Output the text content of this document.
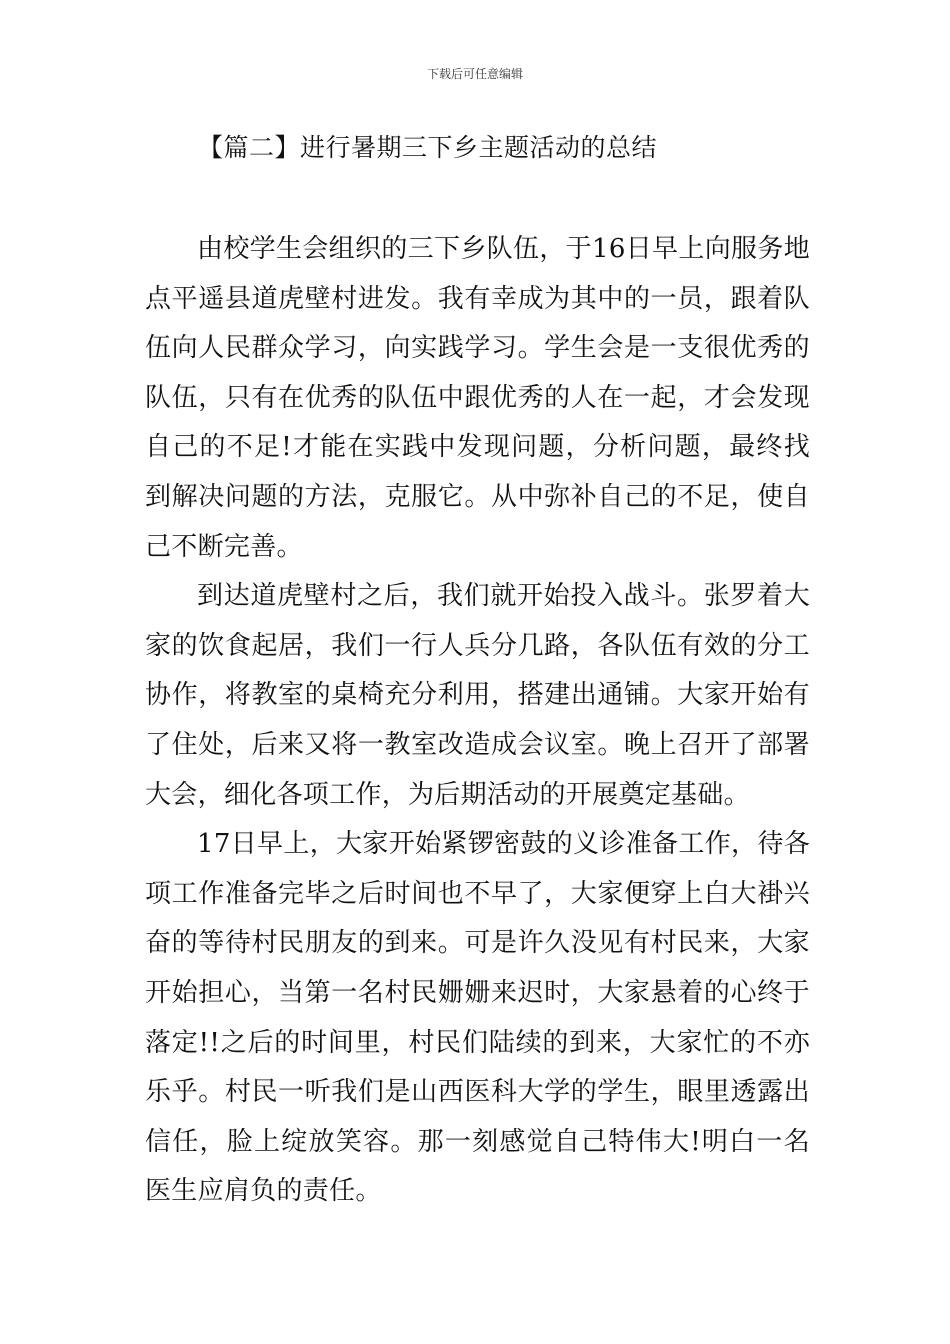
下载后可任意编辑
【篇二】进行暑期三下乡主题活动的总结

由校学生会组织的三下乡队伍，于16日早上向服务地点平遥县道虎壁村进发。我有幸成为其中的一员，跟着队伍向人民群众学习，向实践学习。学生会是一支很优秀的队伍，只有在优秀的队伍中跟优秀的人在一起，才会发现自己的不足!才能在实践中发现问题，分析问题，最终找到解决问题的方法，克服它。从中弥补自己的不足，使自己不断完善。

到达道虎壁村之后，我们就开始投入战斗。张罗着大家的饮食起居，我们一行人兵分几路，各队伍有效的分工协作，将教室的桌椅充分利用，搭建出通铺。大家开始有了住处，后来又将一教室改造成会议室。晚上召开了部署大会，细化各项工作，为后期活动的开展奠定基础。

17日早上，大家开始紧锣密鼓的义诊准备工作，待各项工作准备完毕之后时间也不早了，大家便穿上白大褂兴奋的等待村民朋友的到来。可是许久没见有村民来，大家开始担心，当第一名村民姗姗来迟时，大家悬着的心终于落定!!之后的时间里，村民们陆续的到来，大家忙的不亦乐乎。村民一听我们是山西医科大学的学生，眼里透露出信任，脸上绽放笑容。那一刻感觉自己特伟大!明白一名医生应肩负的责任。
